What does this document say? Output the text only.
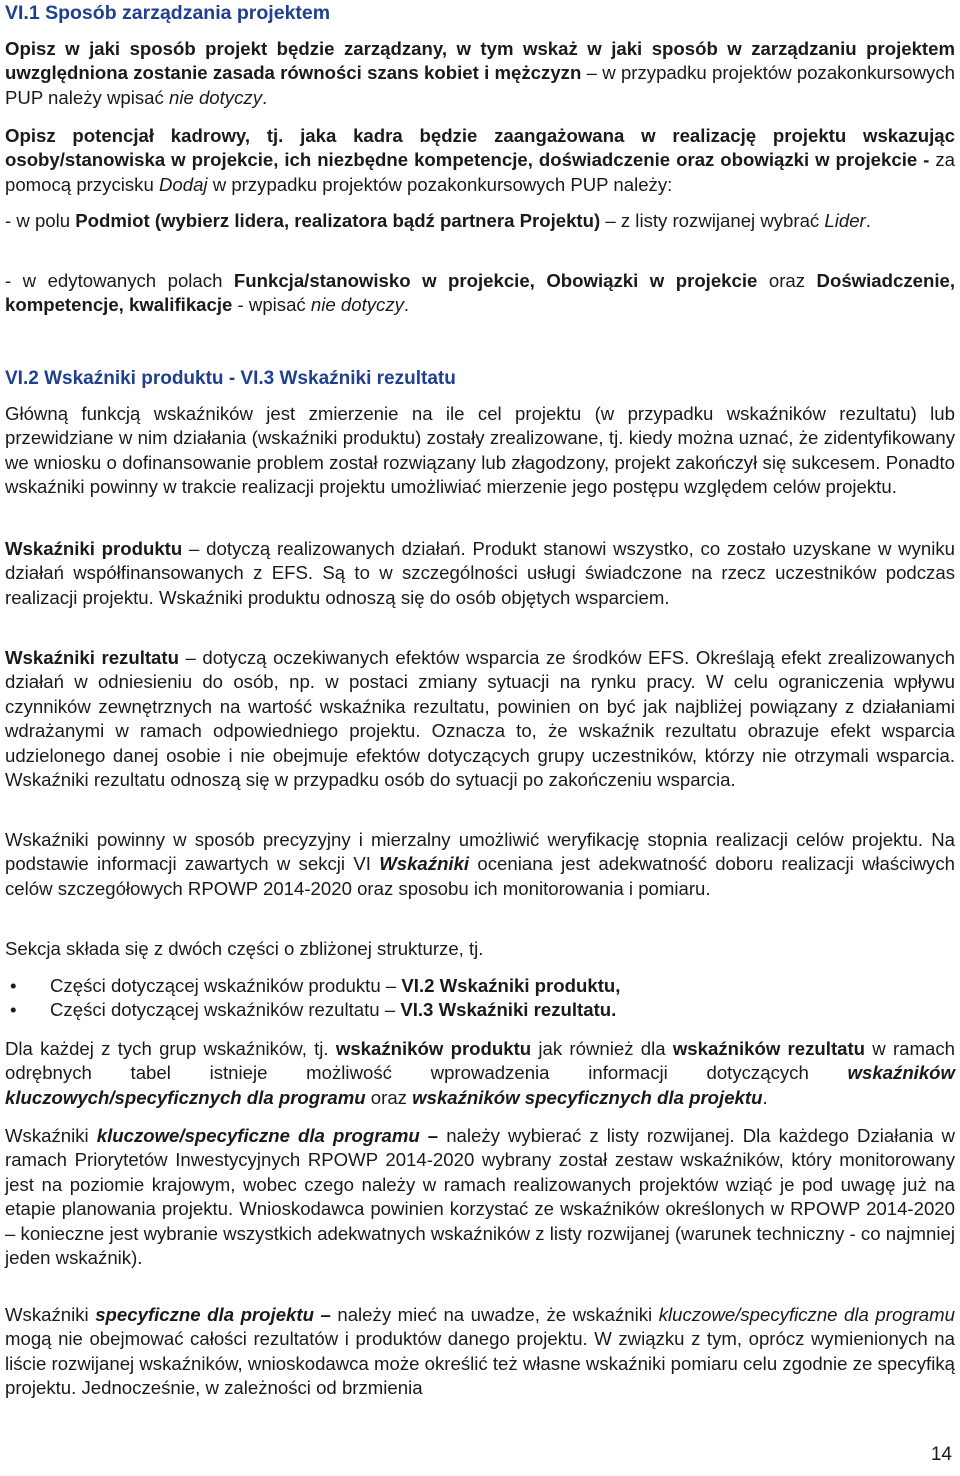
VI.1 Sposób zarządzania projektem

Opisz w jaki sposób projekt będzie zarządzany, w tym wskaż w jaki sposób w zarządzaniu projektem uwzględniona zostanie zasada równości szans kobiet i mężczyzn – w przypadku projektów pozakonkursowych PUP należy wpisać nie dotyczy.

Opisz potencjał kadrowy, tj. jaka kadra będzie zaangażowana w realizację projektu wskazując osoby/stanowiska w projekcie, ich niezbędne kompetencje, doświadczenie oraz obowiązki w projekcie - za pomocą przycisku Dodaj w przypadku projektów pozakonkursowych PUP należy:

- w polu Podmiot (wybierz lidera, realizatora bądź partnera Projektu) – z listy rozwijanej wybrać Lider.

- w edytowanych polach Funkcja/stanowisko w projekcie, Obowiązki w projekcie oraz Doświadczenie, kompetencje, kwalifikacje - wpisać nie dotyczy.

VI.2 Wskaźniki produktu - VI.3 Wskaźniki rezultatu

Główną funkcją wskaźników jest zmierzenie na ile cel projektu (w przypadku wskaźników rezultatu) lub przewidziane w nim działania (wskaźniki produktu) zostały zrealizowane, tj. kiedy można uznać, że zidentyfikowany we wniosku o dofinansowanie problem został rozwiązany lub złagodzony, projekt zakończył się sukcesem. Ponadto wskaźniki powinny w trakcie realizacji projektu umożliwiać mierzenie jego postępu względem celów projektu.

Wskaźniki produktu – dotyczą realizowanych działań. Produkt stanowi wszystko, co zostało uzyskane w wyniku działań współfinansowanych z EFS. Są to w szczególności usługi świadczone na rzecz uczestników podczas realizacji projektu. Wskaźniki produktu odnoszą się do osób objętych wsparciem.

Wskaźniki rezultatu – dotyczą oczekiwanych efektów wsparcia ze środków EFS. Określają efekt zrealizowanych działań w odniesieniu do osób, np. w postaci zmiany sytuacji na rynku pracy. W celu ograniczenia wpływu czynników zewnętrznych na wartość wskaźnika rezultatu, powinien on być jak najbliżej powiązany z działaniami wdrażanymi w ramach odpowiedniego projektu. Oznacza to, że wskaźnik rezultatu obrazuje efekt wsparcia udzielonego danej osobie i nie obejmuje efektów dotyczących grupy uczestników, którzy nie otrzymali wsparcia. Wskaźniki rezultatu odnoszą się w przypadku osób do sytuacji po zakończeniu wsparcia.

Wskaźniki powinny w sposób precyzyjny i mierzalny umożliwić weryfikację stopnia realizacji celów projektu. Na podstawie informacji zawartych w sekcji VI Wskaźniki oceniana jest adekwatność doboru realizacji właściwych celów szczegółowych RPOWP 2014-2020 oraz sposobu ich monitorowania i pomiaru.

Sekcja składa się z dwóch części o zbliżonej strukturze, tj.

• Części dotyczącej wskaźników produktu – VI.2 Wskaźniki produktu,
• Części dotyczącej wskaźników rezultatu – VI.3 Wskaźniki rezultatu.

Dla każdej z tych grup wskaźników, tj. wskaźników produktu jak również dla wskaźników rezultatu w ramach odrębnych tabel istnieje możliwość wprowadzenia informacji dotyczących wskaźników kluczowych/specyficznych dla programu oraz wskaźników specyficznych dla projektu.

Wskaźniki kluczowe/specyficzne dla programu – należy wybierać z listy rozwijanej. Dla każdego Działania w ramach Priorytetów Inwestycyjnych RPOWP 2014-2020 wybrany został zestaw wskaźników, który monitorowany jest na poziomie krajowym, wobec czego należy w ramach realizowanych projektów wziąć je pod uwagę już na etapie planowania projektu. Wnioskodawca powinien korzystać ze wskaźników określonych w RPOWP 2014-2020 – konieczne jest wybranie wszystkich adekwatnych wskaźników z listy rozwijanej (warunek techniczny - co najmniej jeden wskaźnik).

Wskaźniki specyficzne dla projektu – należy mieć na uwadze, że wskaźniki kluczowe/specyficzne dla programu mogą nie obejmować całości rezultatów i produktów danego projektu. W związku z tym, oprócz wymienionych na liście rozwijanej wskaźników, wnioskodawca może określić też własne wskaźniki pomiaru celu zgodnie ze specyfiką projektu. Jednocześnie, w zależności od brzmienia

14
